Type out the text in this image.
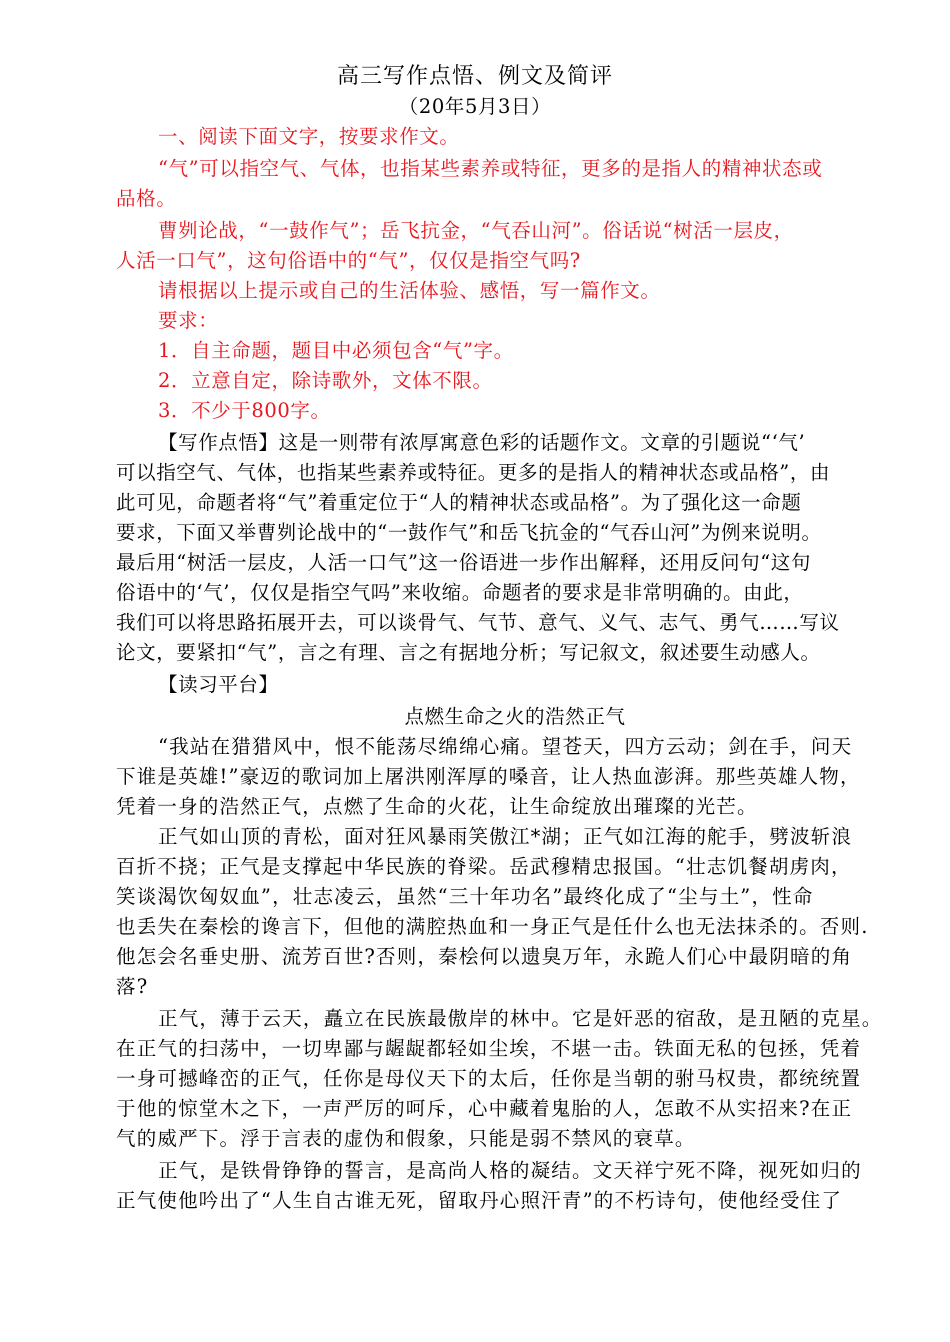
高三写作点悟、例文及简评
（20年5月3日）
一、阅读下面文字，按要求作文。
“气”可以指空气、气体，也指某些素养或特征，更多的是指人的精神状态或
品格。
曹刿论战，“一鼓作气”；岳飞抗金，“气吞山河”。俗话说“树活一层皮，
人活一口气”，这句俗语中的“气”，仅仅是指空气吗?
请根据以上提示或自己的生活体验、感悟，写一篇作文。
要求：
1．自主命题，题目中必须包含“气”字。
2．立意自定，除诗歌外，文体不限。
3．不少于800字。
【写作点悟】这是一则带有浓厚寓意色彩的话题作文。文章的引题说“‘气’
可以指空气、气体，也指某些素养或特征。更多的是指人的精神状态或品格”，由
此可见，命题者将“气”着重定位于“人的精神状态或品格”。为了强化这一命题
要求，下面又举曹刿论战中的“一鼓作气”和岳飞抗金的“气吞山河”为例来说明。
最后用“树活一层皮，人活一口气”这一俗语进一步作出解释，还用反问句“这句
俗语中的‘气’，仅仅是指空气吗”来收缩。命题者的要求是非常明确的。由此，
我们可以将思路拓展开去，可以谈骨气、气节、意气、义气、志气、勇气……写议
论文，要紧扣“气”，言之有理、言之有据地分析；写记叙文，叙述要生动感人。
【读习平台】
点燃生命之火的浩然正气
“我站在猎猎风中，恨不能荡尽绵绵心痛。望苍天，四方云动；剑在手，问天
下谁是英雄!”豪迈的歌词加上屠洪刚浑厚的嗓音，让人热血澎湃。那些英雄人物，
凭着一身的浩然正气，点燃了生命的火花，让生命绽放出璀璨的光芒。
正气如山顶的青松，面对狂风暴雨笑傲江*湖；正气如江海的舵手，劈波斩浪
百折不挠；正气是支撑起中华民族的脊梁。岳武穆精忠报国。“壮志饥餐胡虏肉，
笑谈渴饮匈奴血”，壮志凌云，虽然“三十年功名”最终化成了“尘与土”，性命
也丢失在秦桧的谗言下，但他的满腔热血和一身正气是任什么也无法抹杀的。否则.
他怎会名垂史册、流芳百世?否则，秦桧何以遗臭万年，永跪人们心中最阴暗的角
落?
正气，薄于云天，矗立在民族最傲岸的林中。它是奸恶的宿敌，是丑陋的克星。
在正气的扫荡中，一切卑鄙与龌龊都轻如尘埃，不堪一击。铁面无私的包拯，凭着
一身可撼峰峦的正气，任你是母仪天下的太后，任你是当朝的驸马权贵，都统统置
于他的惊堂木之下，一声严厉的呵斥，心中藏着鬼胎的人，怎敢不从实招来?在正
气的威严下。浮于言表的虚伪和假象，只能是弱不禁风的衰草。
正气，是铁骨铮铮的誓言，是高尚人格的凝结。文天祥宁死不降，视死如归的
正气使他吟出了“人生自古谁无死，留取丹心照汗青”的不朽诗句，使他经受住了
